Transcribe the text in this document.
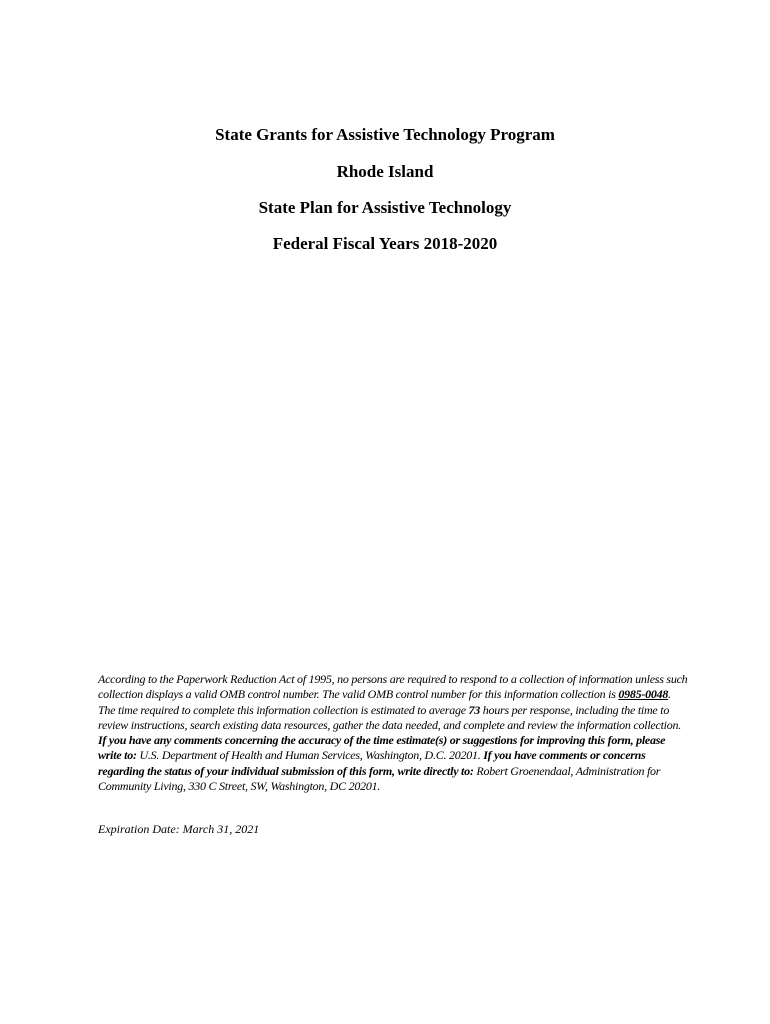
State Grants for Assistive Technology Program
Rhode Island
State Plan for Assistive Technology
Federal Fiscal Years 2018-2020

According to the Paperwork Reduction Act of 1995, no persons are required to respond to a collection of information unless such collection displays a valid OMB control number. The valid OMB control number for this information collection is 0985-0048. The time required to complete this information collection is estimated to average 73 hours per response, including the time to review instructions, search existing data resources, gather the data needed, and complete and review the information collection. If you have any comments concerning the accuracy of the time estimate(s) or suggestions for improving this form, please write to: U.S. Department of Health and Human Services, Washington, D.C. 20201. If you have comments or concerns regarding the status of your individual submission of this form, write directly to: Robert Groenendaal, Administration for Community Living, 330 C Street, SW, Washington, DC 20201.

Expiration Date: March 31, 2021
